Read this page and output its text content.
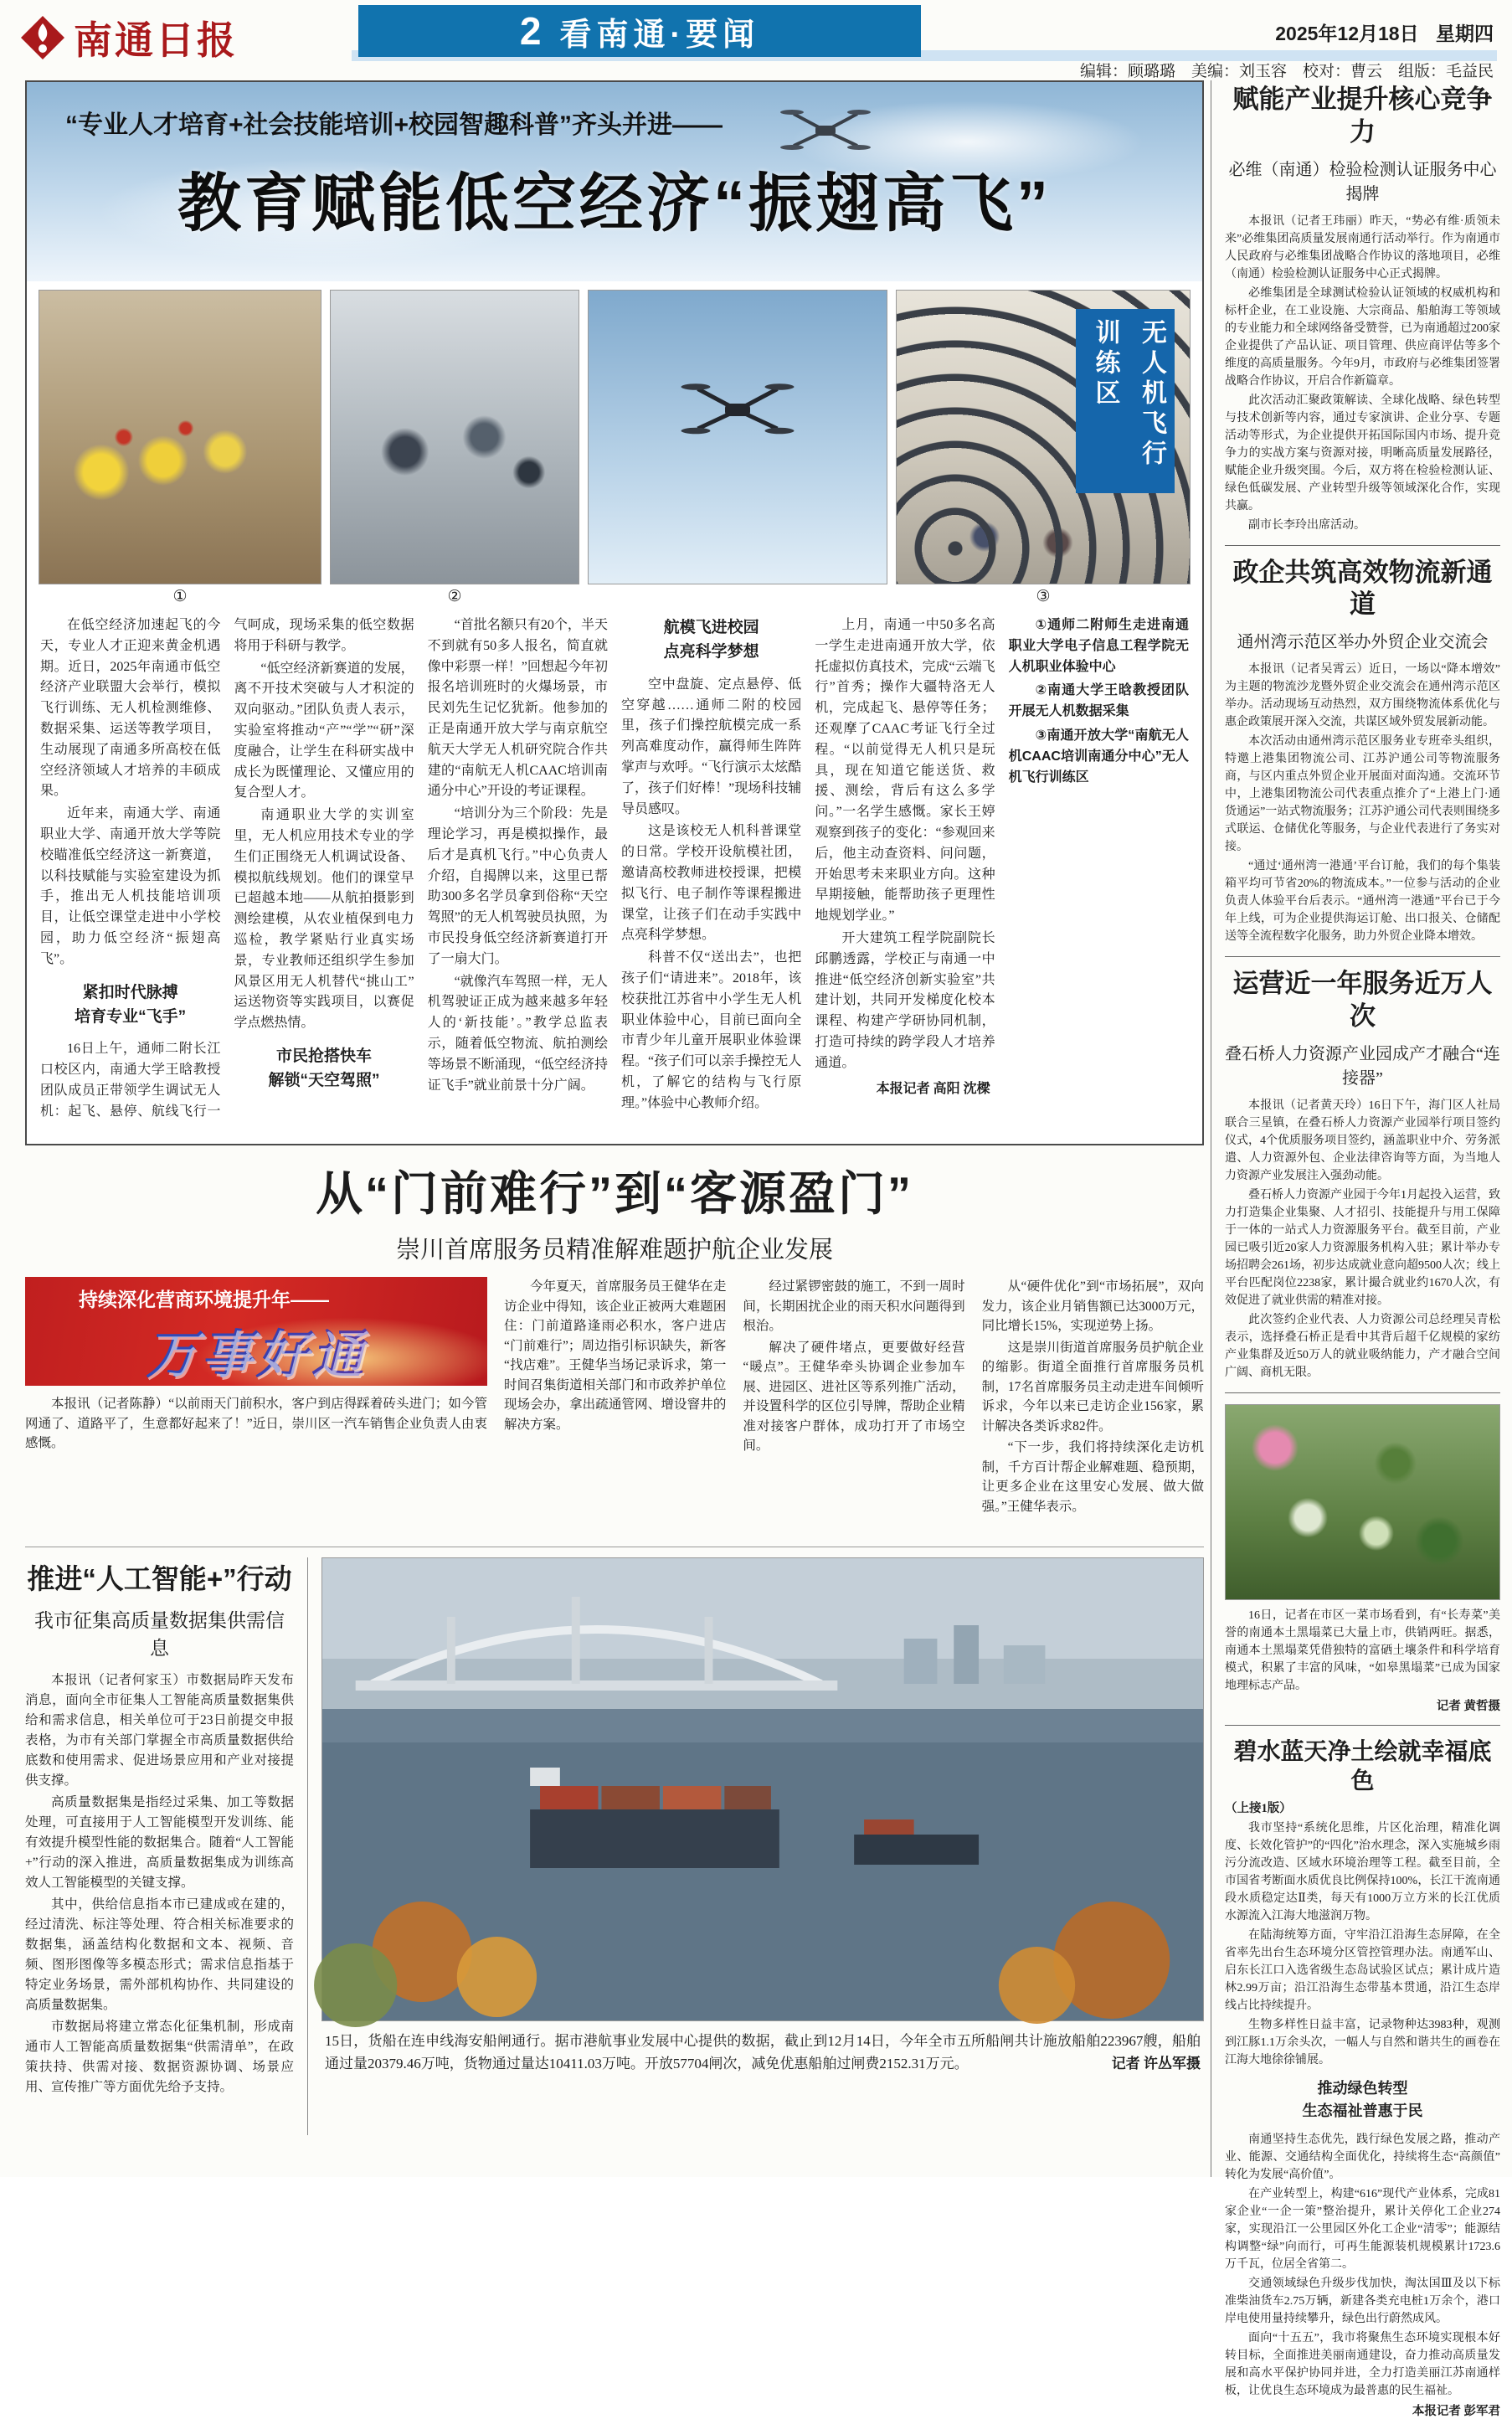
南通日报	2 看南通·要闻	2025年12月18日 星期四
编辑：顾璐璐　美编：刘玉容　校对：曹云　组版：毛益民
“专业人才培育+社会技能培训+校园智趣科普”齐头并进——
教育赋能低空经济“振翅高飞”
①	②
无人机飞行训练区
③

在低空经济加速起飞的今天，专业人才正迎来黄金机遇期。近日，2025年南通市低空经济产业联盟大会举行，模拟飞行训练、无人机检测维修、数据采集、运送等教学项目，生动展现了南通多所高校在低空经济领域人才培养的丰硕成果。

近年来，南通大学、南通职业大学、南通开放大学等院校瞄准低空经济这一新赛道，以科技赋能与实验室建设为抓手，推出无人机技能培训项目，让低空课堂走进中小学校园，助力低空经济“振翅高飞”。

紧扣时代脉搏
培育专业“飞手”

16日上午，通师二附长江口校区内，南通大学王晗教授团队成员正带领学生调试无人机：起飞、悬停、航线飞行一气呵成，现场采集的低空数据将用于科研与教学。

“低空经济新赛道的发展，离不开技术突破与人才积淀的双向驱动。”团队负责人表示，实验室将推动“产”“学”“研”深度融合，让学生在科研实战中成长为既懂理论、又懂应用的复合型人才。

南通职业大学的实训室里，无人机应用技术专业的学生们正围绕无人机调试设备、模拟航线规划。他们的课堂早已超越本地——从航拍摄影到测绘建模，从农业植保到电力巡检，教学紧贴行业真实场景，专业教师还组织学生参加风景区用无人机替代“挑山工”运送物资等实践项目，以赛促学点燃热情。

市民抢搭快车
解锁“天空驾照”

“首批名额只有20个，半天不到就有50多人报名，简直就像中彩票一样！”回想起今年初报名培训班时的火爆场景，市民刘先生记忆犹新。他参加的正是南通开放大学与南京航空航天大学无人机研究院合作共建的“南航无人机CAAC培训南通分中心”开设的考证课程。

“培训分为三个阶段：先是理论学习，再是模拟操作，最后才是真机飞行。”中心负责人介绍，自揭牌以来，这里已帮助300多名学员拿到俗称“天空驾照”的无人机驾驶员执照，为市民投身低空经济新赛道打开了一扇大门。

“就像汽车驾照一样，无人机驾驶证正成为越来越多年轻人的‘新技能’。”教学总监表示，随着低空物流、航拍测绘等场景不断涌现，“低空经济持证飞手”就业前景十分广阔。

航模飞进校园
点亮科学梦想

空中盘旋、定点悬停、低空穿越……通师二附的校园里，孩子们操控航模完成一系列高难度动作，赢得师生阵阵掌声与欢呼。“飞行演示太炫酷了，孩子们好棒！”现场科技辅导员感叹。

这是该校无人机科普课堂的日常。学校开设航模社团，邀请高校教师进校授课，把模拟飞行、电子制作等课程搬进课堂，让孩子们在动手实践中点亮科学梦想。

科普不仅“送出去”，也把孩子们“请进来”。2018年，该校获批江苏省中小学生无人机职业体验中心，目前已面向全市青少年儿童开展职业体验课程。“孩子们可以亲手操控无人机，了解它的结构与飞行原理。”体验中心教师介绍。

上月，南通一中50多名高一学生走进南通开放大学，依托虚拟仿真技术，完成“云端飞行”首秀；操作大疆特洛无人机，完成起飞、悬停等任务；还观摩了CAAC考证飞行全过程。“以前觉得无人机只是玩具，现在知道它能送货、救援、测绘，背后有这么多学问。”一名学生感慨。家长王婷观察到孩子的变化：“参观回来后，他主动查资料、问问题，开始思考未来职业方向。这种早期接触，能帮助孩子更理性地规划学业。”

开大建筑工程学院副院长邱鹏透露，学校正与南通一中推进“低空经济创新实验室”共建计划，共同开发梯度化校本课程、构建产学研协同机制，打造可持续的跨学段人才培养通道。

本报记者 高阳 沈樑

①通师二附师生走进南通职业大学电子信息工程学院无人机职业体验中心

②南通大学王晗教授团队开展无人机数据采集

③南通开放大学“南航无人机CAAC培训南通分中心”无人机飞行训练区

从“门前难行”到“客源盈门”
崇川首席服务员精准解难题护航企业发展
持续深化营商环境提升年——
万事好通

本报讯（记者陈静）“以前雨天门前积水，客户到店得踩着砖头进门；如今管网通了、道路平了，生意都好起来了！”近日，崇川区一汽车销售企业负责人由衷感慨。

今年夏天，首席服务员王健华在走访企业中得知，该企业正被两大难题困住：门前道路逢雨必积水，客户进店“门前难行”；周边指引标识缺失，新客“找店难”。王健华当场记录诉求，第一时间召集街道相关部门和市政养护单位现场会办，拿出疏通管网、增设窨井的解决方案。

经过紧锣密鼓的施工，不到一周时间，长期困扰企业的雨天积水问题得到根治。

解决了硬件堵点，更要做好经营“暖点”。王健华牵头协调企业参加车展、进园区、进社区等系列推广活动，并设置科学的区位引导牌，帮助企业精准对接客户群体，成功打开了市场空间。

从“硬件优化”到“市场拓展”，双向发力，该企业月销售额已达3000万元，同比增长15%，实现逆势上扬。

这是崇川街道首席服务员护航企业的缩影。街道全面推行首席服务员机制，17名首席服务员主动走进车间倾听诉求，今年以来已走访企业156家，累计解决各类诉求82件。

“下一步，我们将持续深化走访机制，千方百计帮企业解难题、稳预期，让更多企业在这里安心发展、做大做强。”王健华表示。

推进“人工智能+”行动
我市征集高质量数据集供需信息

本报讯（记者何家玉）市数据局昨天发布消息，面向全市征集人工智能高质量数据集供给和需求信息，相关单位可于23日前提交申报表格，为市有关部门掌握全市高质量数据供给底数和使用需求、促进场景应用和产业对接提供支撑。

高质量数据集是指经过采集、加工等数据处理，可直接用于人工智能模型开发训练、能有效提升模型性能的数据集合。随着“人工智能+”行动的深入推进，高质量数据集成为训练高效人工智能模型的关键支撑。

其中，供给信息指本市已建成或在建的，经过清洗、标注等处理、符合相关标准要求的数据集，涵盖结构化数据和文本、视频、音频、图形图像等多模态形式；需求信息指基于特定业务场景，需外部机构协作、共同建设的高质量数据集。

市数据局将建立常态化征集机制，形成南通市人工智能高质量数据集“供需清单”，在政策扶持、供需对接、数据资源协调、场景应用、宣传推广等方面优先给予支持。

15日，货船在连申线海安船闸通行。据市港航事业发展中心提供的数据，截止到12月14日，今年全市五所船闸共计施放船舶223967艘，船舶通过量20379.46万吨，货物通过量达10411.03万吨。开放57704闸次，减免优惠船舶过闸费2152.31万元。	记者 许丛军摄
赋能产业提升核心竞争力
必维（南通）检验检测认证服务中心揭牌

本报讯（记者王玮丽）昨天，“势必有维·质领未来”必维集团高质量发展南通行活动举行。作为南通市人民政府与必维集团战略合作协议的落地项目，必维（南通）检验检测认证服务中心正式揭牌。

必维集团是全球测试检验认证领域的权威机构和标杆企业，在工业设施、大宗商品、船舶海工等领域的专业能力和全球网络备受赞誉，已为南通超过200家企业提供了产品认证、项目管理、供应商评估等多个维度的高质量服务。今年9月，市政府与必维集团签署战略合作协议，开启合作新篇章。

此次活动汇聚政策解读、全球化战略、绿色转型与技术创新等内容，通过专家演讲、企业分享、专题活动等形式，为企业提供开拓国际国内市场、提升竞争力的实战方案与资源对接，明晰高质量发展路径，赋能企业升级突围。今后，双方将在检验检测认证、绿色低碳发展、产业转型升级等领域深化合作，实现共赢。

副市长李玲出席活动。

政企共筑高效物流新通道
通州湾示范区举办外贸企业交流会

本报讯（记者吴霄云）近日，一场以“降本增效”为主题的物流沙龙暨外贸企业交流会在通州湾示范区举办。活动现场互动热烈，双方围绕物流体系优化与惠企政策展开深入交流，共谋区域外贸发展新动能。

本次活动由通州湾示范区服务业专班牵头组织，特邀上港集团物流公司、江苏沪通公司等物流服务商，与区内重点外贸企业开展面对面沟通。交流环节中，上港集团物流公司代表重点推介了“上港上门·通货通运”一站式物流服务；江苏沪通公司代表则围绕多式联运、仓储优化等服务，与企业代表进行了务实对接。

“通过‘通州湾一港通’平台订舱，我们的每个集装箱平均可节省20%的物流成本。”一位参与活动的企业负责人体验平台后表示。“通州湾一港通”平台已于今年上线，可为企业提供海运订舱、出口报关、仓储配送等全流程数字化服务，助力外贸企业降本增效。

运营近一年服务近万人次
叠石桥人力资源产业园成产才融合“连接器”

本报讯（记者黄天玲）16日下午，海门区人社局联合三星镇，在叠石桥人力资源产业园举行项目签约仪式，4个优质服务项目签约，涵盖职业中介、劳务派遣、人力资源外包、企业法律咨询等方面，为当地人力资源产业发展注入强劲动能。

叠石桥人力资源产业园于今年1月起投入运营，致力打造集企业集聚、人才招引、技能提升与用工保障于一体的一站式人力资源服务平台。截至目前，产业园已吸引近20家人力资源服务机构入驻；累计举办专场招聘会261场，初步达成就业意向超9500人次；线上平台匹配岗位2238家，累计撮合就业约1670人次，有效促进了就业供需的精准对接。

此次签约企业代表、人力资源公司总经理吴青松表示，选择叠石桥正是看中其背后超千亿规模的家纺产业集群及近50万人的就业吸纳能力，产才融合空间广阔、商机无限。

16日，记者在市区一菜市场看到，有“长寿菜”美誉的南通本土黑塌菜已大量上市，供销两旺。据悉，南通本土黑塌菜凭借独特的富硒土壤条件和科学培育模式，积累了丰富的风味，“如皋黑塌菜”已成为国家地理标志产品。

记者 黄哲摄
碧水蓝天净土绘就幸福底色
（上接1版）

我市坚持“系统化思维，片区化治理，精准化调度、长效化管护”的“四化”治水理念，深入实施城乡雨污分流改造、区域水环境治理等工程。截至目前，全市国省考断面水质优良比例保持100%，长江干流南通段水质稳定达Ⅱ类，每天有1000万立方米的长江优质水源流入江海大地滋润万物。

在陆海统筹方面，守牢沿江沿海生态屏障，在全省率先出台生态环境分区管控管理办法。南通军山、启东长江口入选省级生态岛试验区试点；累计成片造林2.99万亩；沿江沿海生态带基本贯通，沿江生态岸线占比持续提升。

生物多样性日益丰富，记录物种达3983种，观测到江豚1.1万余头次，一幅人与自然和谐共生的画卷在江海大地徐徐铺展。

推动绿色转型
生态福祉普惠于民

南通坚持生态优先，践行绿色发展之路，推动产业、能源、交通结构全面优化，持续将生态“高颜值”转化为发展“高价值”。

在产业转型上，构建“616”现代产业体系，完成81家企业“一企一策”整治提升，累计关停化工企业274家，实现沿江一公里园区外化工企业“清零”；能源结构调整“绿”向而行，可再生能源装机规模累计1723.6万千瓦，位居全省第二。

交通领域绿色升级步伐加快，淘汰国Ⅲ及以下标准柴油货车2.75万辆，新建各类充电桩1万余个，港口岸电使用量持续攀升，绿色出行蔚然成风。

面向“十五五”，我市将聚焦生态环境实现根本好转目标，全面推进美丽南通建设，奋力推动高质量发展和高水平保护协同并进，全力打造美丽江苏南通样板，让优良生态环境成为最普惠的民生福祉。

本报记者 彭军君
